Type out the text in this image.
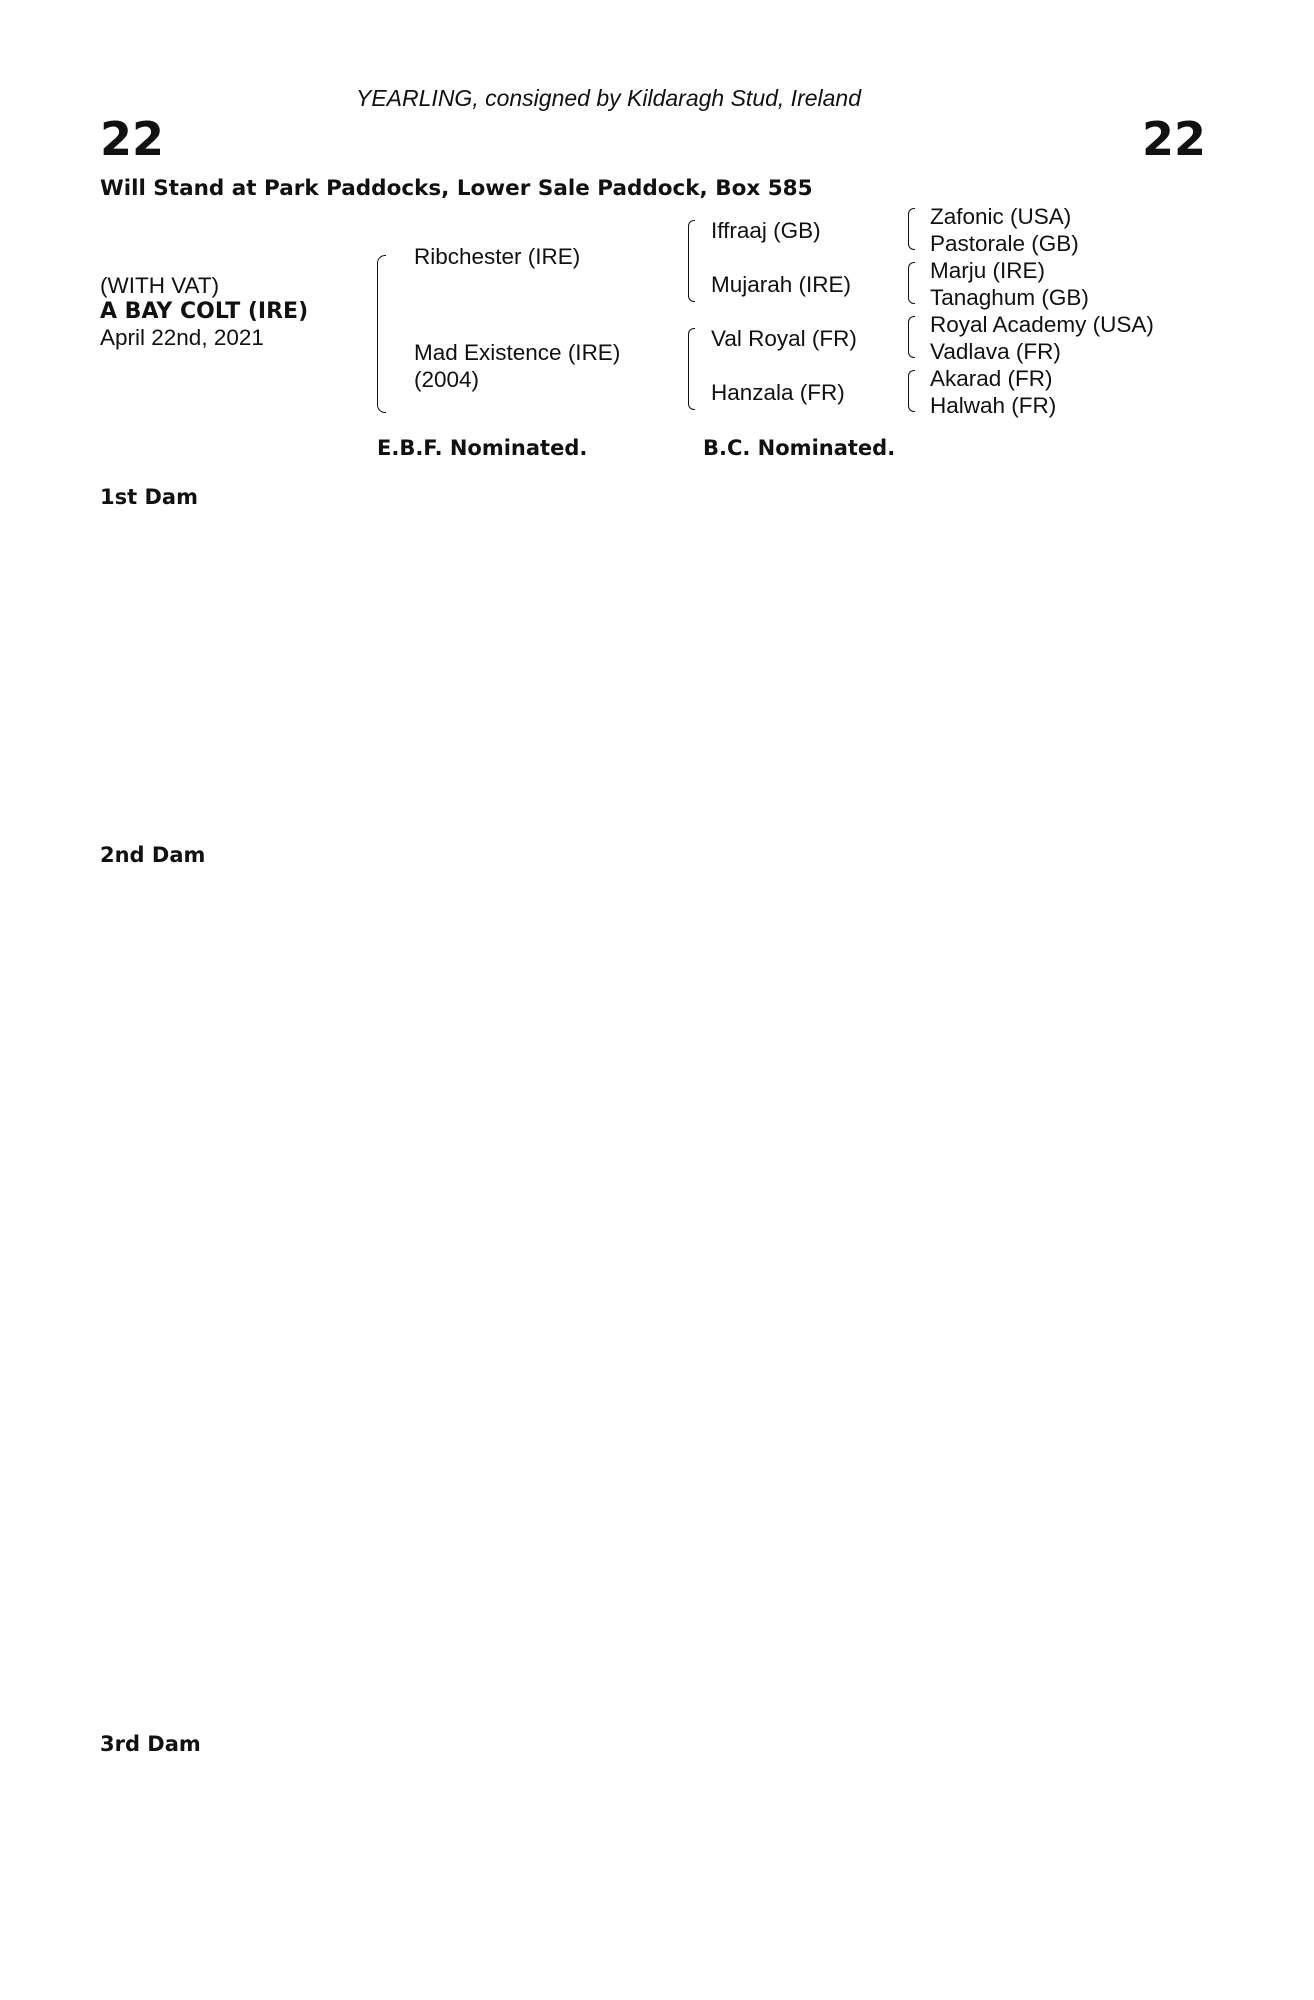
YEARLING, consigned by Kildaragh Stud, Ireland
22	22
Will Stand at Park Paddocks, Lower Sale Paddock, Box 585
(WITH VAT)
A BAY COLT (IRE)
April 22nd, 2021
Ribchester (IRE)
Mad Existence (IRE)
(2004)
Iffraaj (GB)
Mujarah (IRE)
Val Royal (FR)
Hanzala (FR)
Zafonic (USA)
Pastorale (GB)
Marju (IRE)
Tanaghum (GB)
Royal Academy (USA)
Vadlava (FR)
Akarad (FR)
Halwah (FR)
E.B.F. Nominated.	B.C. Nominated.
1st Dam
2nd Dam
3rd Dam
